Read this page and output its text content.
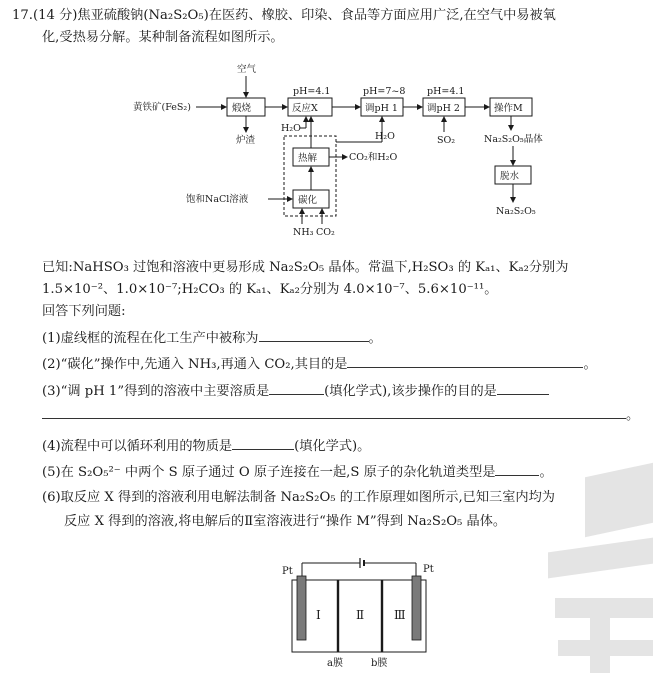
17.(14 分)焦亚硫酸钠(Na₂S₂O₅)在医药、橡胶、印染、食品等方面应用广泛,在空气中易被氧
化,受热易分解。某种制备流程如图所示。
空气
黄铁矿(FeS₂)	煅烧
炉渣
pH=4.1
反应X
pH=7~8
调pH 1
pH=4.1
调pH 2	操作M
H₂O
H₂O	SO₂	Na₂S₂O₅晶体
热解	CO₂和H₂O
碳化
饱和NaCl溶液
NH₃ CO₂
脱水
Na₂S₂O₅
已知:NaHSO₃ 过饱和溶液中更易形成 Na₂S₂O₅ 晶体。常温下,H₂SO₃ 的 Kₐ₁、Kₐ₂分别为
1.5×10⁻²、1.0×10⁻⁷;H₂CO₃ 的 Kₐ₁、Kₐ₂分别为 4.0×10⁻⁷、5.6×10⁻¹¹。
回答下列问题:
(1)虚线框的流程在化工生产中被称为	。
(2)“碳化”操作中,先通入 NH₃,再通入 CO₂,其目的是	。
(3)“调 pH 1”得到的溶液中主要溶质是	(填化学式),该步操作的目的是
。
(4)流程中可以循环利用的物质是	(填化学式)。
(5)在 S₂O₅²⁻ 中两个 S 原子通过 O 原子连接在一起,S 原子的杂化轨道类型是	。
(6)取反应 X 得到的溶液利用电解法制备 Na₂S₂O₅ 的工作原理如图所示,已知三室内均为
反应 X 得到的溶液,将电解后的Ⅱ室溶液进行“操作 M”得到 Na₂S₂O₅ 晶体。
Pt	Pt
Ⅰ	Ⅱ Ⅲ
a膜	b膜
